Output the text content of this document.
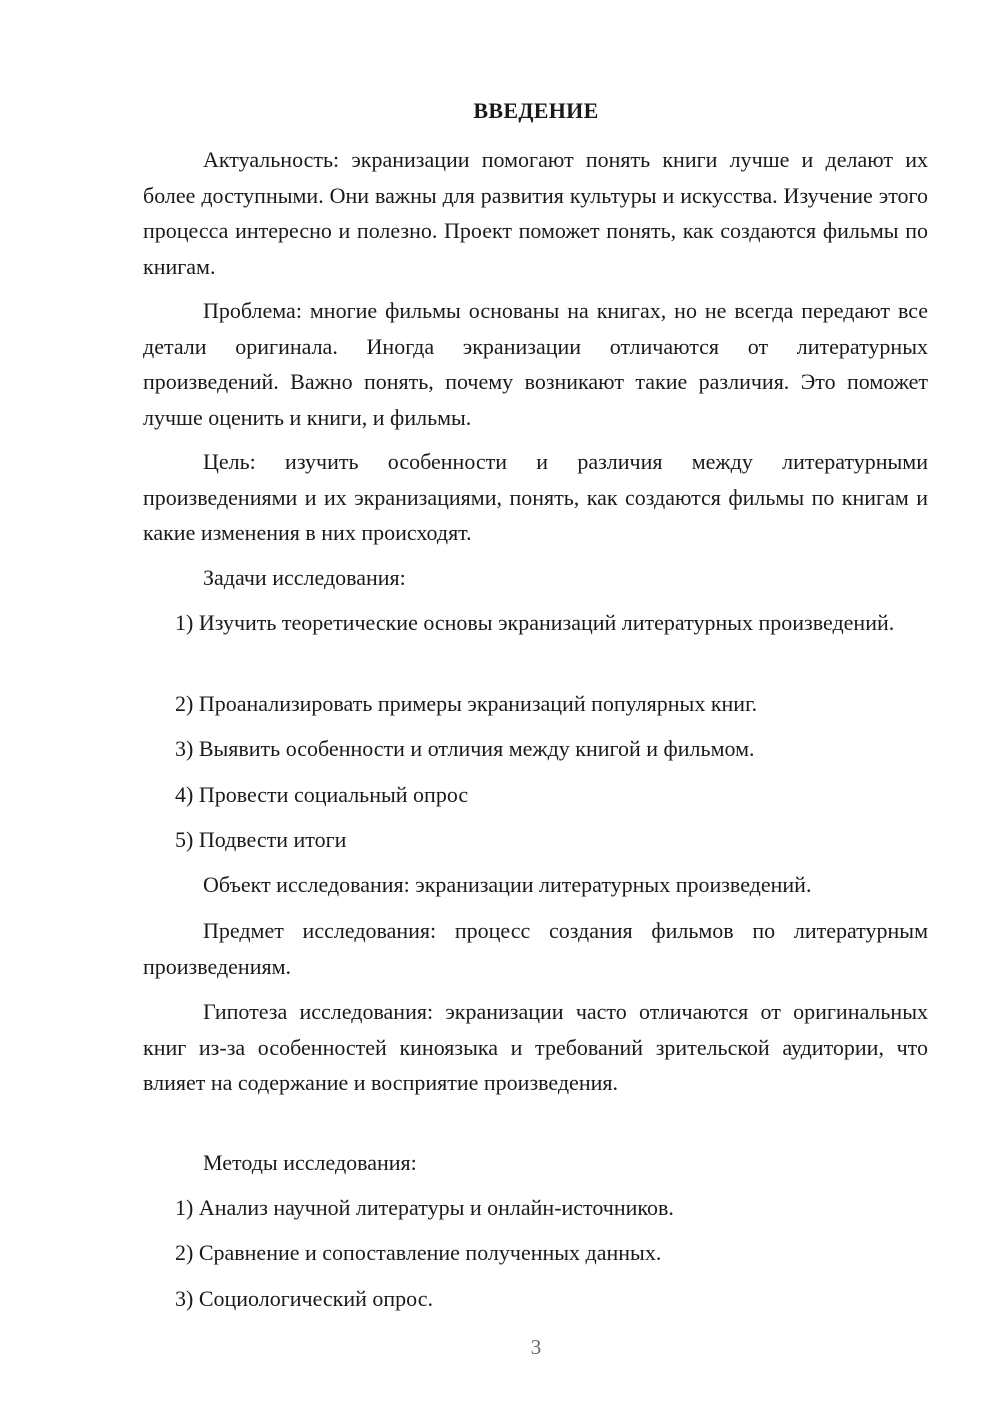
ВВЕДЕНИЕ

Актуальность: экранизации помогают понять книги лучше и делают их более доступными. Они важны для развития культуры и искусства. Изучение этого процесса интересно и полезно. Проект поможет понять, как создаются фильмы по книгам.

Проблема: многие фильмы основаны на книгах, но не всегда передают все детали оригинала. Иногда экранизации отличаются от литературных произведений. Важно понять, почему возникают такие различия. Это поможет лучше оценить и книги, и фильмы.

Цель: изучить особенности и различия между литературными произведениями и их экранизациями, понять, как создаются фильмы по книгам и какие изменения в них происходят.

Задачи исследования:

1) Изучить теоретические основы экранизаций литературных произведений.

2) Проанализировать примеры экранизаций популярных книг.

3) Выявить особенности и отличия между книгой и фильмом.

4) Провести социальный опрос

5) Подвести итоги

Объект исследования: экранизации литературных произведений.

Предмет исследования: процесс создания фильмов по литературным произведениям.

Гипотеза исследования: экранизации часто отличаются от оригинальных книг из-за особенностей киноязыка и требований зрительской аудитории, что влияет на содержание и восприятие произведения.

Методы исследования:

1) Анализ научной литературы и онлайн-источников.

2) Сравнение и сопоставление полученных данных.

3) Социологический опрос.

3
